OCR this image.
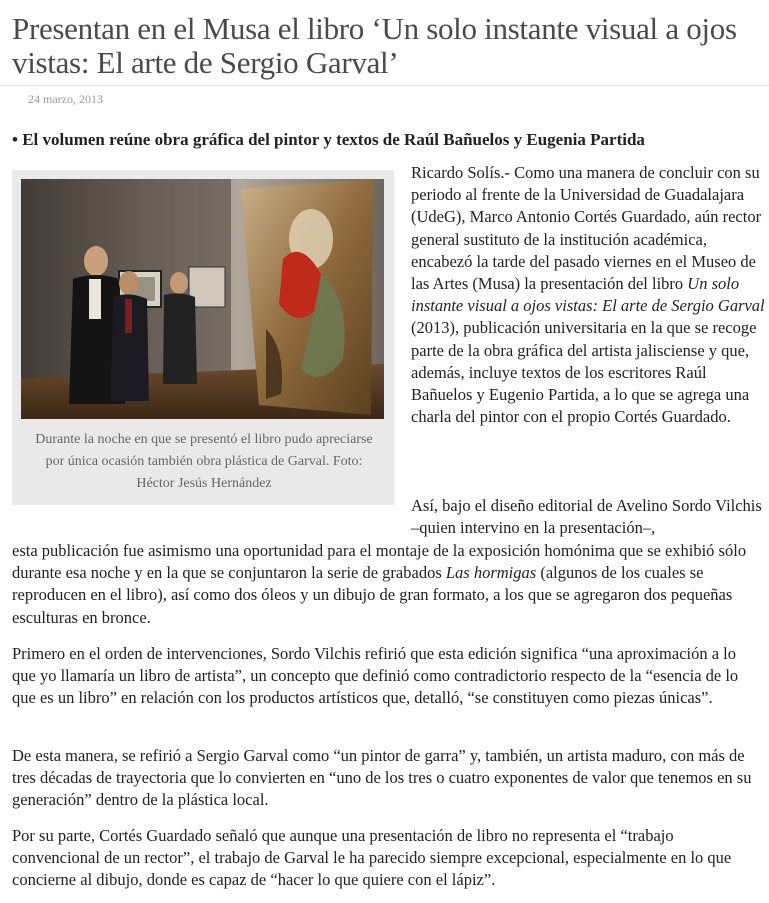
Presentan en el Musa el libro ‘Un solo instante visual a ojos vistas: El arte de Sergio Garval’
24 marzo, 2013

• El volumen reúne obra gráfica del pintor y textos de Raúl Bañuelos y Eugenia Partida

Durante la noche en que se presentó el libro pudo apreciarse por única ocasión también obra plástica de Garval. Foto: Héctor Jesús Hernández

Ricardo Solís.- Como una manera de concluir con su periodo al frente de la Universidad de Guadalajara (UdeG), Marco Antonio Cortés Guardado, aún rector general sustituto de la institución académica, encabezó la tarde del pasado viernes en el Museo de las Artes (Musa) la presentación del libro Un solo instante visual a ojos vistas: El arte de Sergio Garval (2013), publicación universitaria en la que se recoge parte de la obra gráfica del artista jalisciense y que, además, incluye textos de los escritores Raúl Bañuelos y Eugenio Partida, a lo que se agrega una charla del pintor con el propio Cortés Guardado.

Así, bajo el diseño editorial de Avelino Sordo Vilchis –quien intervino en la presentación–,

esta publicación fue asimismo una oportunidad para el montaje de la exposición homónima que se exhibió sólo durante esa noche y en la que se conjuntaron la serie de grabados Las hormigas (algunos de los cuales se reproducen en el libro), así como dos óleos y un dibujo de gran formato, a los que se agregaron dos pequeñas esculturas en bronce.

Primero en el orden de intervenciones, Sordo Vilchis refirió que esta edición significa “una aproximación a lo que yo llamaría un libro de artista”, un concepto que definió como contradictorio respecto de la “esencia de lo que es un libro” en relación con los productos artísticos que, detalló, “se constituyen como piezas únicas”.

De esta manera, se refirió a Sergio Garval como “un pintor de garra” y, también, un artista maduro, con más de tres décadas de trayectoria que lo convierten en “uno de los tres o cuatro exponentes de valor que tenemos en su generación” dentro de la plástica local.

Por su parte, Cortés Guardado señaló que aunque una presentación de libro no representa el “trabajo convencional de un rector”, el trabajo de Garval le ha parecido siempre excepcional, especialmente en lo que concierne al dibujo, donde es capaz de “hacer lo que quiere con el lápiz”.
